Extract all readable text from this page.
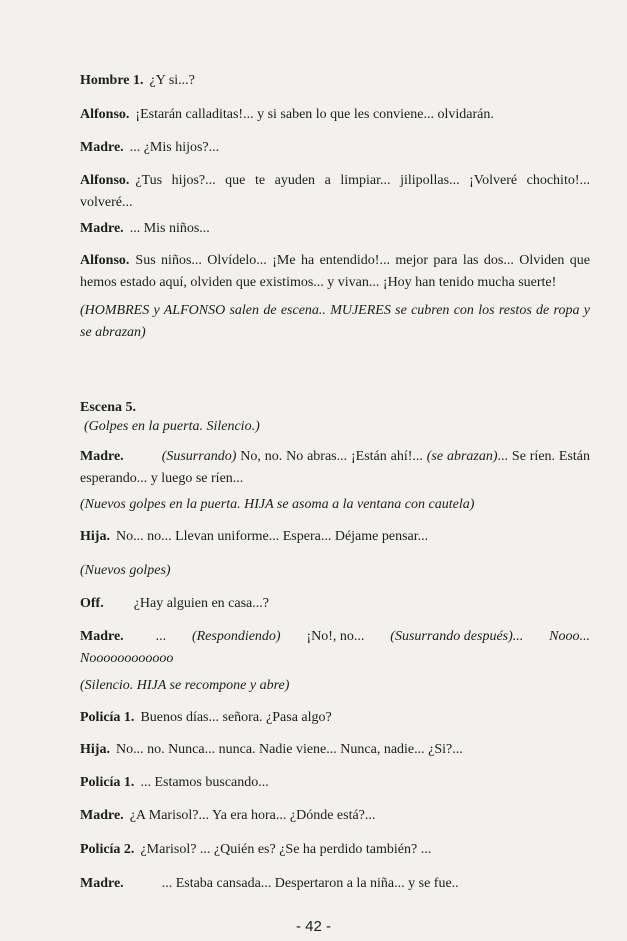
Hombre 1. ¿Y si...?
Alfonso. ¡Estarán calladitas!... y si saben lo que les conviene... olvidarán.
Madre. ... ¿Mis hijos?...
Alfonso. ¿Tus hijos?... que te ayuden a limpiar... jilipollas... ¡Volveré chochito!... volveré...
Madre. ... Mis niños...
Alfonso. Sus niños... Olvídelo... ¡Me ha entendido!... mejor para las dos... Olviden que hemos estado aquí, olviden que existimos... y vivan... ¡Hoy han tenido mucha suerte!
(HOMBRES y ALFONSO salen de escena.. MUJERES se cubren con los restos de ropa y se abrazan)
Escena 5.
(Golpes en la puerta. Silencio.)
Madre.	(Susurrando) No, no. No abras... ¡Están ahí!... (se abrazan)... Se ríen. Están esperando... y luego se ríen...
(Nuevos golpes en la puerta. HIJA se asoma a la ventana con cautela)
Hija. No... no... Llevan uniforme... Espera... Déjame pensar...
(Nuevos golpes)
Off. ¿Hay alguien en casa...?
Madre. ... (Respondiendo) ¡No!, no... (Susurrando después)... Nooo...
Noooooooooooo
(Silencio. HIJA se recompone y abre)
Policía 1. Buenos días... señora. ¿Pasa algo?
Hija. No... no. Nunca... nunca. Nadie viene... Nunca, nadie... ¿Si?...
Policía 1. ... Estamos buscando...
Madre. ¿A Marisol?... Ya era hora... ¿Dónde está?...
Policía 2. ¿Marisol? ... ¿Quién es? ¿Se ha perdido también? ...
Madre.	... Estaba cansada... Despertaron a la niña... y se fue..
- 42 -
